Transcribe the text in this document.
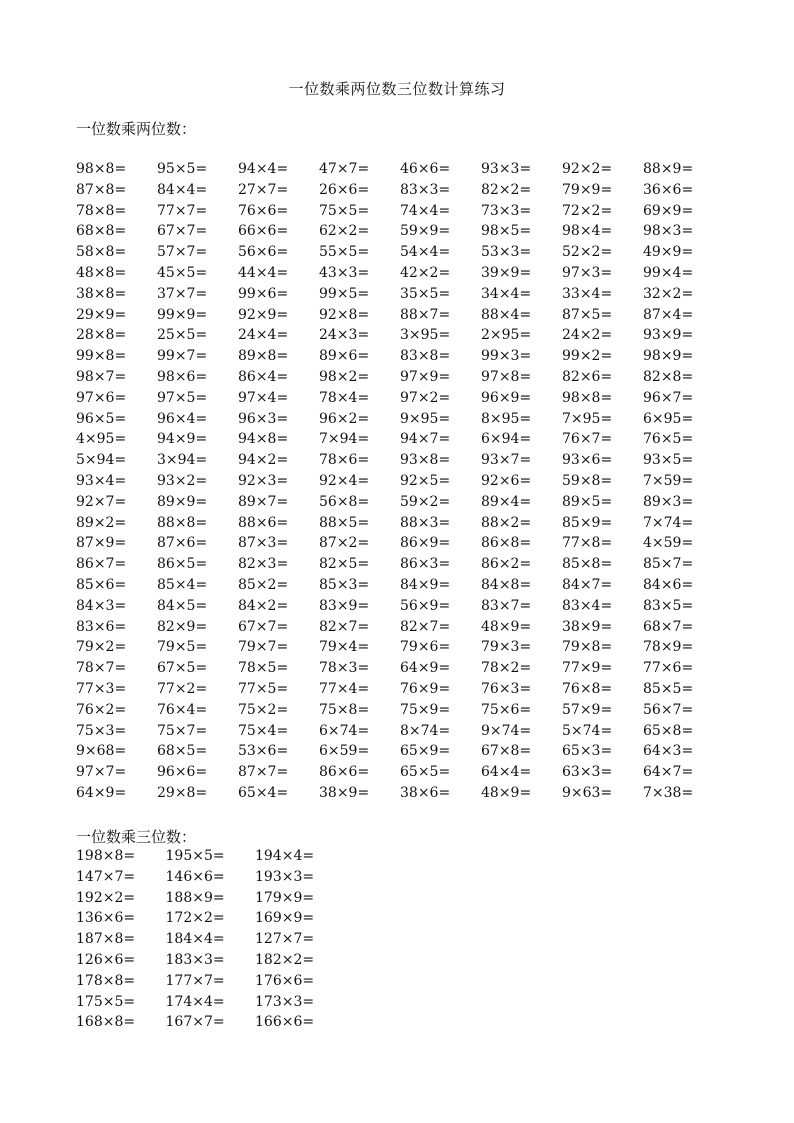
一位数乘两位数三位数计算练习
一位数乘两位数：
98×8=	95×5=	94×4=	47×7=	46×6=	93×3=	92×2=	88×9=
87×8=	84×4=	27×7=	26×6=	83×3=	82×2=	79×9=	36×6=
78×8=	77×7=	76×6=	75×5=	74×4=	73×3=	72×2=	69×9=
68×8=	67×7=	66×6=	62×2=	59×9=	98×5=	98×4=	98×3=
58×8=	57×7=	56×6=	55×5=	54×4=	53×3=	52×2=	49×9=
48×8=	45×5=	44×4=	43×3=	42×2=	39×9=	97×3=	99×4=
38×8=	37×7=	99×6=	99×5=	35×5=	34×4=	33×4=	32×2=
29×9=	99×9=	92×9=	92×8=	88×7=	88×4=	87×5=	87×4=
28×8=	25×5=	24×4=	24×3=	3×95=	2×95=	24×2=	93×9=
99×8=	99×7=	89×8=	89×6=	83×8=	99×3=	99×2=	98×9=
98×7=	98×6=	86×4=	98×2=	97×9=	97×8=	82×6=	82×8=
97×6=	97×5=	97×4=	78×4=	97×2=	96×9=	98×8=	96×7=
96×5=	96×4=	96×3=	96×2=	9×95=	8×95=	7×95=	6×95=
4×95=	94×9=	94×8=	7×94=	94×7=	6×94=	76×7=	76×5=
5×94=	3×94=	94×2=	78×6=	93×8=	93×7=	93×6=	93×5=
93×4=	93×2=	92×3=	92×4=	92×5=	92×6=	59×8=	7×59=
92×7=	89×9=	89×7=	56×8=	59×2=	89×4=	89×5=	89×3=
89×2=	88×8=	88×6=	88×5=	88×3=	88×2=	85×9=	7×74=
87×9=	87×6=	87×3=	87×2=	86×9=	86×8=	77×8=	4×59=
86×7=	86×5=	82×3=	82×5=	86×3=	86×2=	85×8=	85×7=
85×6=	85×4=	85×2=	85×3=	84×9=	84×8=	84×7=	84×6=
84×3=	84×5=	84×2=	83×9=	56×9=	83×7=	83×4=	83×5=
83×6=	82×9=	67×7=	82×7=	82×7=	48×9=	38×9=	68×7=
79×2=	79×5=	79×7=	79×4=	79×6=	79×3=	79×8=	78×9=
78×7=	67×5=	78×5=	78×3=	64×9=	78×2=	77×9=	77×6=
77×3=	77×2=	77×5=	77×4=	76×9=	76×3=	76×8=	85×5=
76×2=	76×4=	75×2=	75×8=	75×9=	75×6=	57×9=	56×7=
75×3=	75×7=	75×4=	6×74=	8×74=	9×74=	5×74=	65×8=
9×68=	68×5=	53×6=	6×59=	65×9=	67×8=	65×3=	64×3=
97×7=	96×6=	87×7=	86×6=	65×5=	64×4=	63×3=	64×7=
64×9=	29×8=	65×4=	38×9=	38×6=	48×9=	9×63=	7×38=
一位数乘三位数：
198×8=	195×5=	194×4=
147×7=	146×6=	193×3=
192×2=	188×9=	179×9=
136×6=	172×2=	169×9=
187×8=	184×4=	127×7=
126×6=	183×3=	182×2=
178×8=	177×7=	176×6=
175×5=	174×4=	173×3=
168×8=	167×7=	166×6=
